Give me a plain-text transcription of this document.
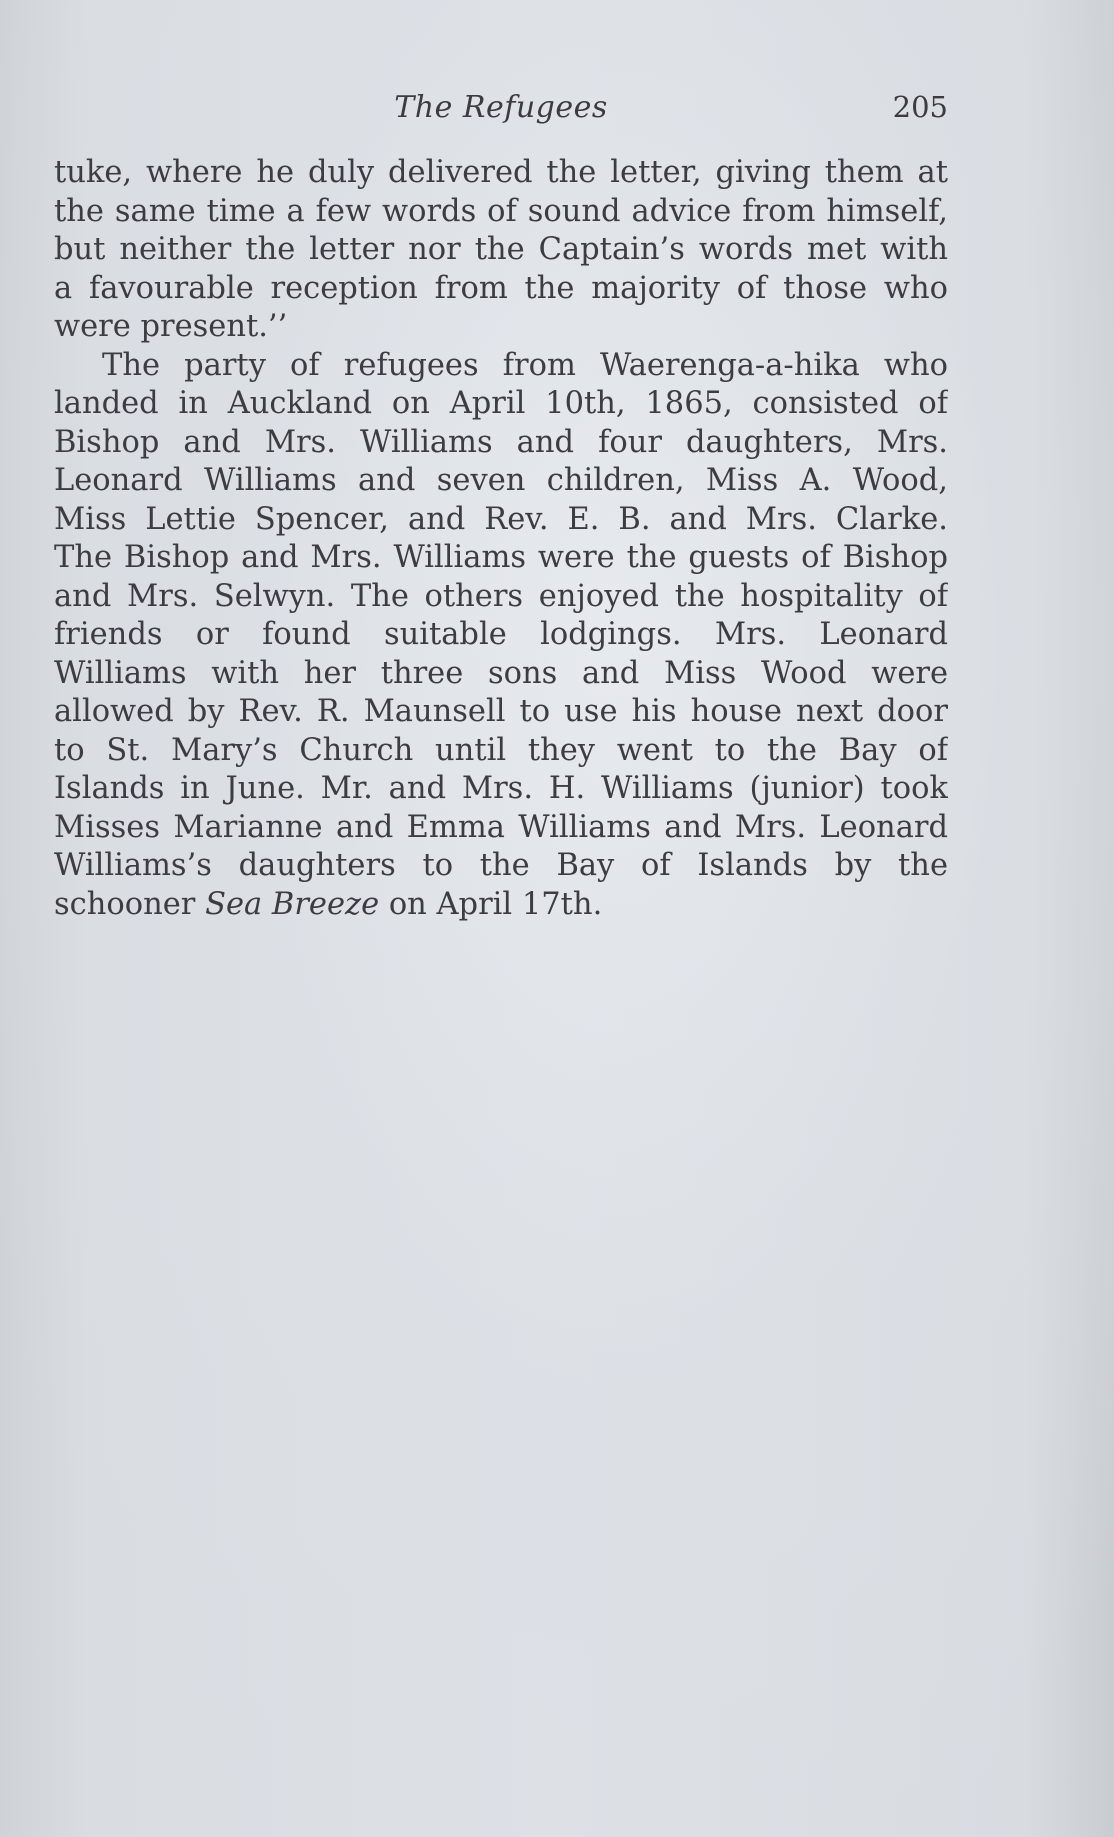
The Refugees	205
tuke, where he duly delivered the letter, giving them at
the same time a few words of sound advice from himself,
but neither the letter nor the Captain’s words met with
a favourable reception from the majority of those who
were present.’’
The party of refugees from Waerenga-a-hika who
landed in Auckland on April 10th, 1865, consisted of
Bishop and Mrs. Williams and four daughters, Mrs.
Leonard Williams and seven children, Miss A. Wood,
Miss Lettie Spencer, and Rev. E. B. and Mrs. Clarke.
The Bishop and Mrs. Williams were the guests of Bishop
and Mrs. Selwyn. The others enjoyed the hospitality of
friends or found suitable lodgings. Mrs. Leonard
Williams with her three sons and Miss Wood were
allowed by Rev. R. Maunsell to use his house next door
to St. Mary’s Church until they went to the Bay of
Islands in June. Mr. and Mrs. H. Williams (junior) took
Misses Marianne and Emma Williams and Mrs. Leonard
Williams’s daughters to the Bay of Islands by the
schooner Sea Breeze on April 17th.
